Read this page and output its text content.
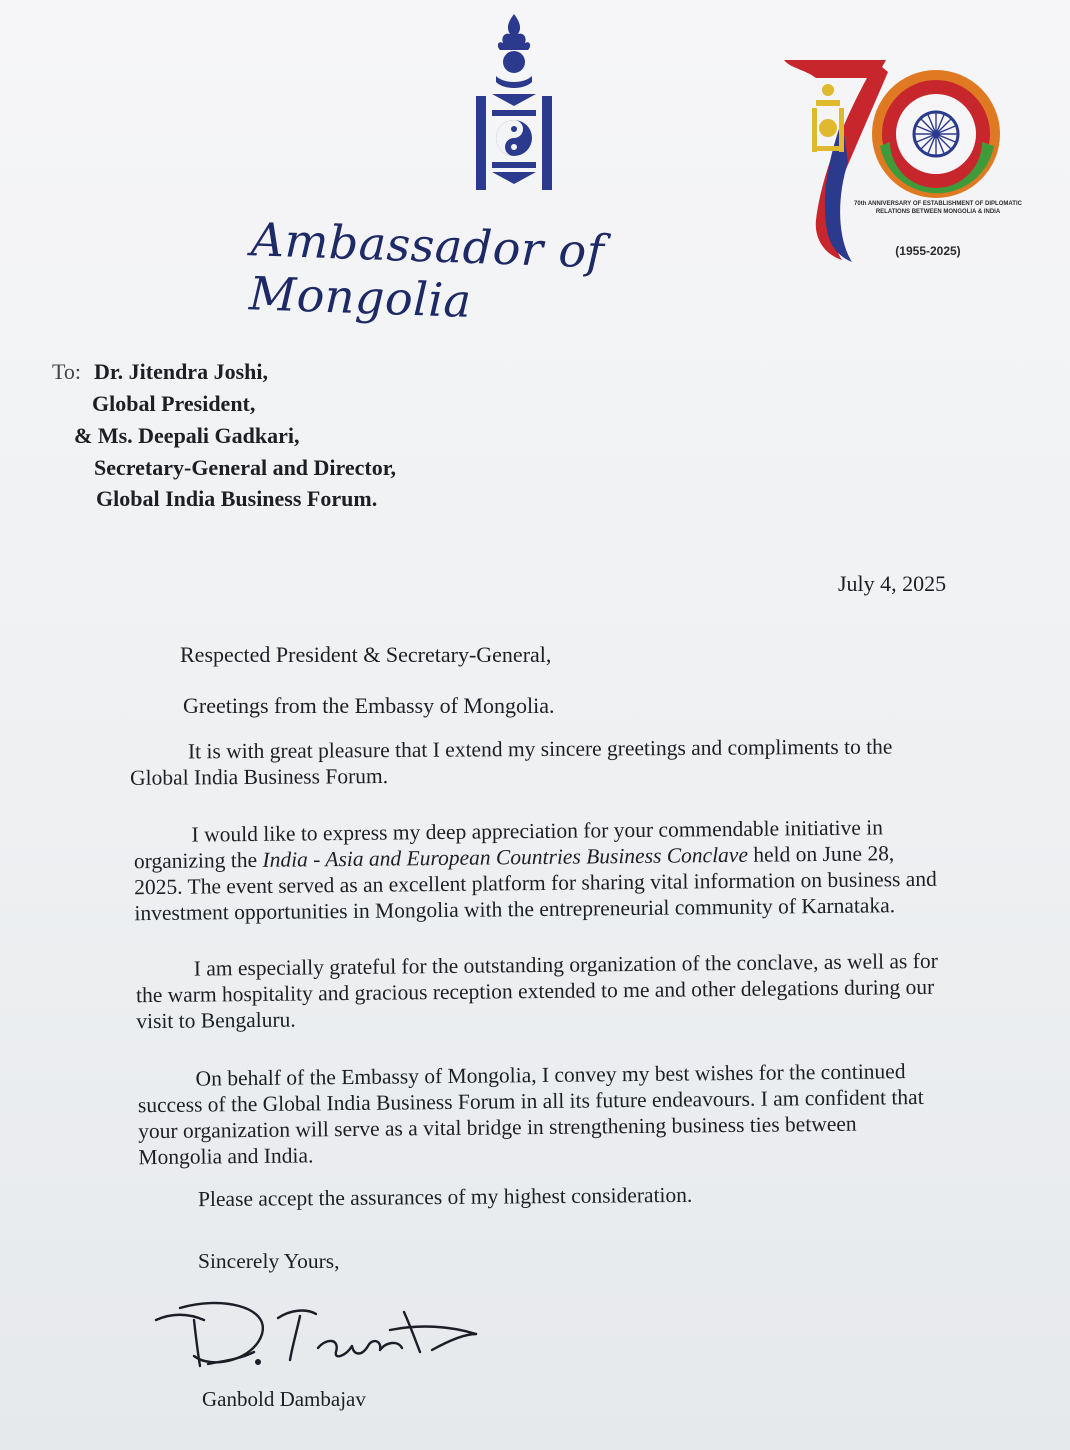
70th ANNIVERSARY OF ESTABLISHMENT OF DIPLOMATIC RELATIONS BETWEEN MONGOLIA & INDIA
(1955-2025)
Ambassador of Mongolia
To: Dr. Jitendra Joshi,
Global President,
& Ms. Deepali Gadkari,
Secretary-General and Director,
Global India Business Forum.
July 4, 2025
Respected President & Secretary-General,
Greetings from the Embassy of Mongolia.
It is with great pleasure that I extend my sincere greetings and compliments to the Global India Business Forum.
I would like to express my deep appreciation for your commendable initiative in organizing the India - Asia and European Countries Business Conclave held on June 28, 2025. The event served as an excellent platform for sharing vital information on business and investment opportunities in Mongolia with the entrepreneurial community of Karnataka.
I am especially grateful for the outstanding organization of the conclave, as well as for the warm hospitality and gracious reception extended to me and other delegations during our visit to Bengaluru.
On behalf of the Embassy of Mongolia, I convey my best wishes for the continued success of the Global India Business Forum in all its future endeavours. I am confident that your organization will serve as a vital bridge in strengthening business ties between Mongolia and India.
Please accept the assurances of my highest consideration.
Sincerely Yours,
Ganbold Dambajav
